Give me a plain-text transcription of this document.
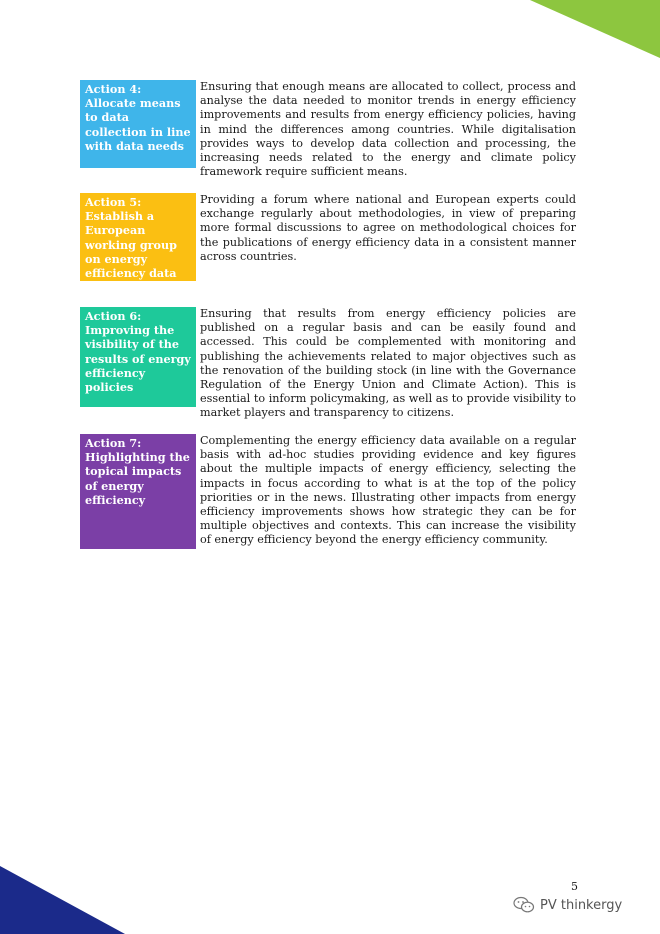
Action 4: Allocate means to data collection in line with data needs
Ensuring that enough means are allocated to collect, process and analyse the data needed to monitor trends in energy efficiency improvements and results from energy efficiency policies, having in mind the differences among countries. While digitalisation provides ways to develop data collection and processing, the increasing needs related to the energy and climate policy framework require sufficient means.
Action 5: Establish a European working group on energy efficiency data
Providing a forum where national and European experts could exchange regularly about methodologies, in view of preparing more formal discussions to agree on methodological choices for the publications of energy efficiency data in a consistent manner across countries.
Action 6: Improving the visibility of the results of energy efficiency policies
Ensuring that results from energy efficiency policies are published on a regular basis and can be easily found and accessed. This could be complemented with monitoring and publishing the achievements related to major objectives such as the renovation of the building stock (in line with the Governance Regulation of the Energy Union and Climate Action). This is essential to inform policymaking, as well as to provide visibility to market players and transparency to citizens.
Action 7: Highlighting the topical impacts of energy efficiency
Complementing the energy efficiency data available on a regular basis with ad-hoc studies providing evidence and key figures about the multiple impacts of energy efficiency, selecting the impacts in focus according to what is at the top of the policy priorities or in the news. Illustrating other impacts from energy efficiency improvements shows how strategic they can be for multiple objectives and contexts. This can increase the visibility of energy efficiency beyond the energy efficiency community.
5
PV thinkergy
